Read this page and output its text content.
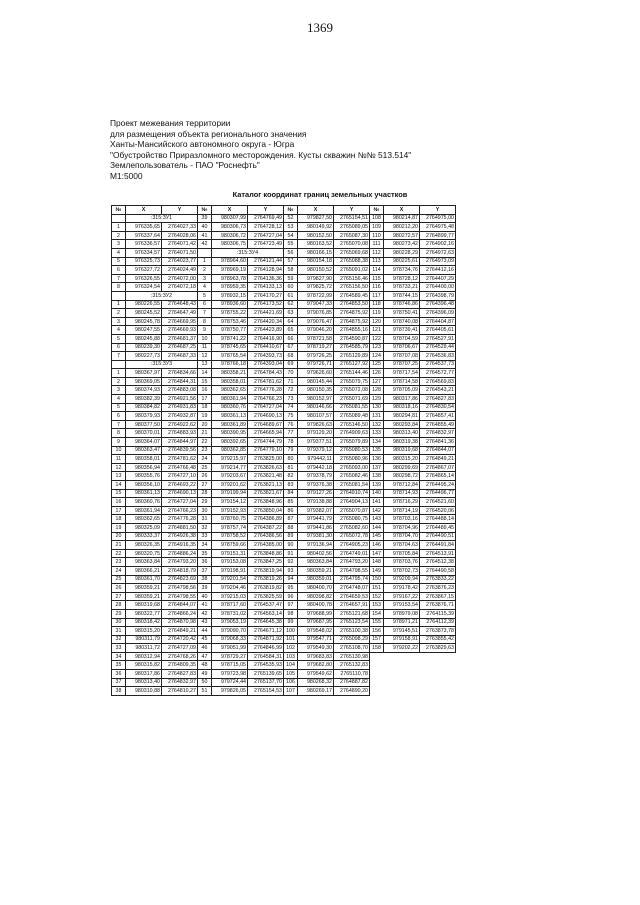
1369
Проект межевания территории
для размещения объекта регионального значения
Ханты-Мансийского автономного округа - Югра
"Обустройство Приразломного месторождения. Кусты скважин №№ 513.514"
Землепользователь - ПАО "Роснефть"
М1:5000
Каталог координат границ земельных участков
№	X	Y	№	X	Y	№	X	Y	№	X	Y
	:315:ЗУ1		39	980307,99	2764769,49	52	979827,50	2765154,51	108	980214,87	2764975,00
1	976335,65	2764027,33	40	980306,73	2764728,12	53	980149,92	2765089,05	109	980212,20	2764975,48
2	976337,64	2764028,06	41	980306,72	2764727,04	54	980152,50	2765087,30	110	980272,57	2764899,77
3	976336,57	2764071,42	42	980306,75	2764723,49	55	980163,52	2765070,08	111	980273,42	2764902,16
4	976334,57	2764071,50		:315:ЗУ4		56	980166,15	2765069,68	112	980228,29	2764972,63
5	976325,73	2764023,77	1	978964,60	2764121,44	57	980154,18	2765088,38	113	980225,61	2764973,09
6	976327,72	2764024,49	2	978969,19	2764128,94	58	980150,52	2765091,02	114	978734,76	2764412,16
7	976326,55	2764072,00	3	978963,78	2764136,36	59	979827,90	2765156,46	115	978728,12	2764407,29
8	976324,54	2764072,18	4	978959,35	2764133,13	60	979825,72	2765156,50	116	978733,21	2764400,00
	:315:ЗУ2		5	978932,15	2764170,27	61	978722,99	2764589,45	117	978744,15	2764398,79
1	980226,55	2764648,43	6	978936,60	2764173,52	62	979047,33	2764853,50	118	978746,86	2764396,48
2	980245,52	2764647,49	7	978755,22	2764421,69	63	979076,85	2764875,92	119	978750,41	2764396,09
3	980245,78	2764669,95	8	978753,46	2764420,34	64	979076,47	2764875,92	120	978740,08	2764404,87
4	980247,55	2764669,93	9	978750,77	2764423,89	65	979046,20	2764855,16	121	978739,41	2764405,61
5	980245,88	2764681,37	10	978741,22	2764416,90	66	978721,58	2764590,87	122	978704,59	2764527,91
6	980239,30	2764687,25	11	978745,65	2764410,67	67	978719,27	2764585,79	123	978706,67	2764529,44
7	980227,73	2764687,33	12	978765,54	2764393,73	68	979726,25	2765129,89	124	978707,08	2764536,83
	:315:ЗУ3		13	978766,18	2764393,04	69	979726,71	2765127,92	125	978707,25	2764537,73
1	980367,97	2764834,66	14	980358,21	2764784,43	70	979626,60	2765144,46	126	978717,54	2764572,77
2	980369,05	2764844,31	15	980358,01	2764781,62	71	980145,44	2765079,75	127	978714,58	2764569,83
3	980374,93	2764883,08	16	980362,65	2764776,28	72	980150,35	2765072,08	128	978705,09	2764543,21
4	980382,39	2764921,56	17	980361,94	2764766,23	73	980152,97	2765071,69	129	980317,86	2764827,83
5	980384,82	2764931,83	18	980360,76	2764727,04	74	980146,66	2765081,55	130	980318,16	2764830,54
6	980379,93	2764932,87	19	980361,13	2764690,13	75	980107,57	2765089,48	131	980294,81	2764857,41
7	980377,50	2764922,62	20	980361,89	2764689,67	76	979826,63	2765146,50	132	980293,84	2764855,49
8	980370,01	2764883,93	21	980390,95	2764665,94	77	979129,20	2764909,63	133	980313,40	2764832,97
9	980364,07	2764844,97	22	980392,65	2764744,79	78	979377,51	2765079,89	134	980319,38	2764841,36
10	980363,47	2764839,56	23	980362,85	2764779,10	79	979379,12	2765080,53	135	980319,68	2764844,07
11	980358,01	2764781,62	24	979215,97	2763825,00	80	979442,11	2765080,96	136	980315,20	2764849,21
12	980356,94	2764766,48	25	979214,77	2763826,63	81	979442,18	2765093,00	137	980299,69	2764867,07
13	980355,76	2764727,10	26	979203,67	2763821,48	82	979378,79	2765082,46	138	980298,72	2764865,14
14	980356,10	2764693,22	27	979201,62	2763821,13	83	979376,38	2765081,54	139	978712,84	2764495,24
15	980361,13	2764690,13	28	979199,94	2763821,67	84	979127,26	2764910,74	140	978714,93	2764496,77
16	980360,76	2764727,04	29	979154,12	2763848,96	85	979138,88	2764904,13	141	978716,29	2764521,60
17	980361,94	2764766,23	30	979152,93	2763850,04	86	979382,07	2765070,87	142	978714,19	2764520,06
18	980362,65	2764776,28	31	978760,75	2764386,89	87	979441,79	2765080,75	143	978703,16	2764488,14
19	980325,09	2764881,50	32	978757,74	2764387,22	88	979441,86	2765082,60	144	978704,96	2764489,45
20	980333,37	2764926,38	33	978758,52	2764386,56	89	979381,30	2765072,78	145	978704,70	2764490,51
21	980326,35	2764916,35	34	978759,66	2764385,00	90	979136,94	2764905,23	146	978704,63	2764491,84
22	980320,75	2764886,24	35	979151,31	2763848,86	91	980402,56	2764749,01	147	978705,84	2764513,91
23	980363,84	2764793,20	36	979153,08	2763847,25	92	980363,84	2764793,20	148	978703,76	2764512,38
24	980366,21	2764818,79	37	979198,91	2763819,94	93	980359,21	2764798,55	149	978702,73	2764490,58
25	980361,70	2764823,69	38	979201,54	2763819,26	94	980359,01	2764795,74	150	979209,94	2763833,22
26	980359,21	2764798,56	39	979204,46	2763819,82	95	980400,70	2764748,07	151	979178,42	2763876,23
27	980359,21	2764798,55	40	979215,03	2763825,59	96	980398,82	2764659,53	152	979167,22	2763867,15
28	980319,68	2764844,07	41	978717,60	2764537,47	97	980400,78	2764657,91	153	979153,54	2763876,71
29	980322,77	2764866,24	42	978731,02	2764563,14	98	979688,99	2765121,68	154	978979,08	2764115,39
30	980318,42	2764870,98	43	979053,19	2764645,38	99	979687,95	2765123,54	155	978971,21	2764112,39
31	980315,20	2764849,21	44	979090,70	2764671,12	100	979548,02	2765100,38	156	979145,51	2763873,78
32	980311,79	2764720,42	45	979068,33	2764871,92	101	979547,71	2765098,29	157	979158,91	2763855,42
33	980311,72	2764727,09	46	979051,99	2764846,99	102	979549,30	2765108,70	158	979202,22	2763829,63
34	980312,94	2764768,26	47	978729,27	2764584,31	103	979683,83	2765130,98			
35	980315,82	2764809,35	48	978715,05	2764535,93	104	979682,80	2765132,83			
36	980317,86	2764827,83	49	979723,98	2765139,65	105	979549,62	2765110,78			
37	980313,40	2764832,97	50	979724,44	2765137,70	106	980268,32	2764887,82			
38	980310,88	2764810,27	51	979826,05	2765154,53	107	980269,17	2764890,20			
